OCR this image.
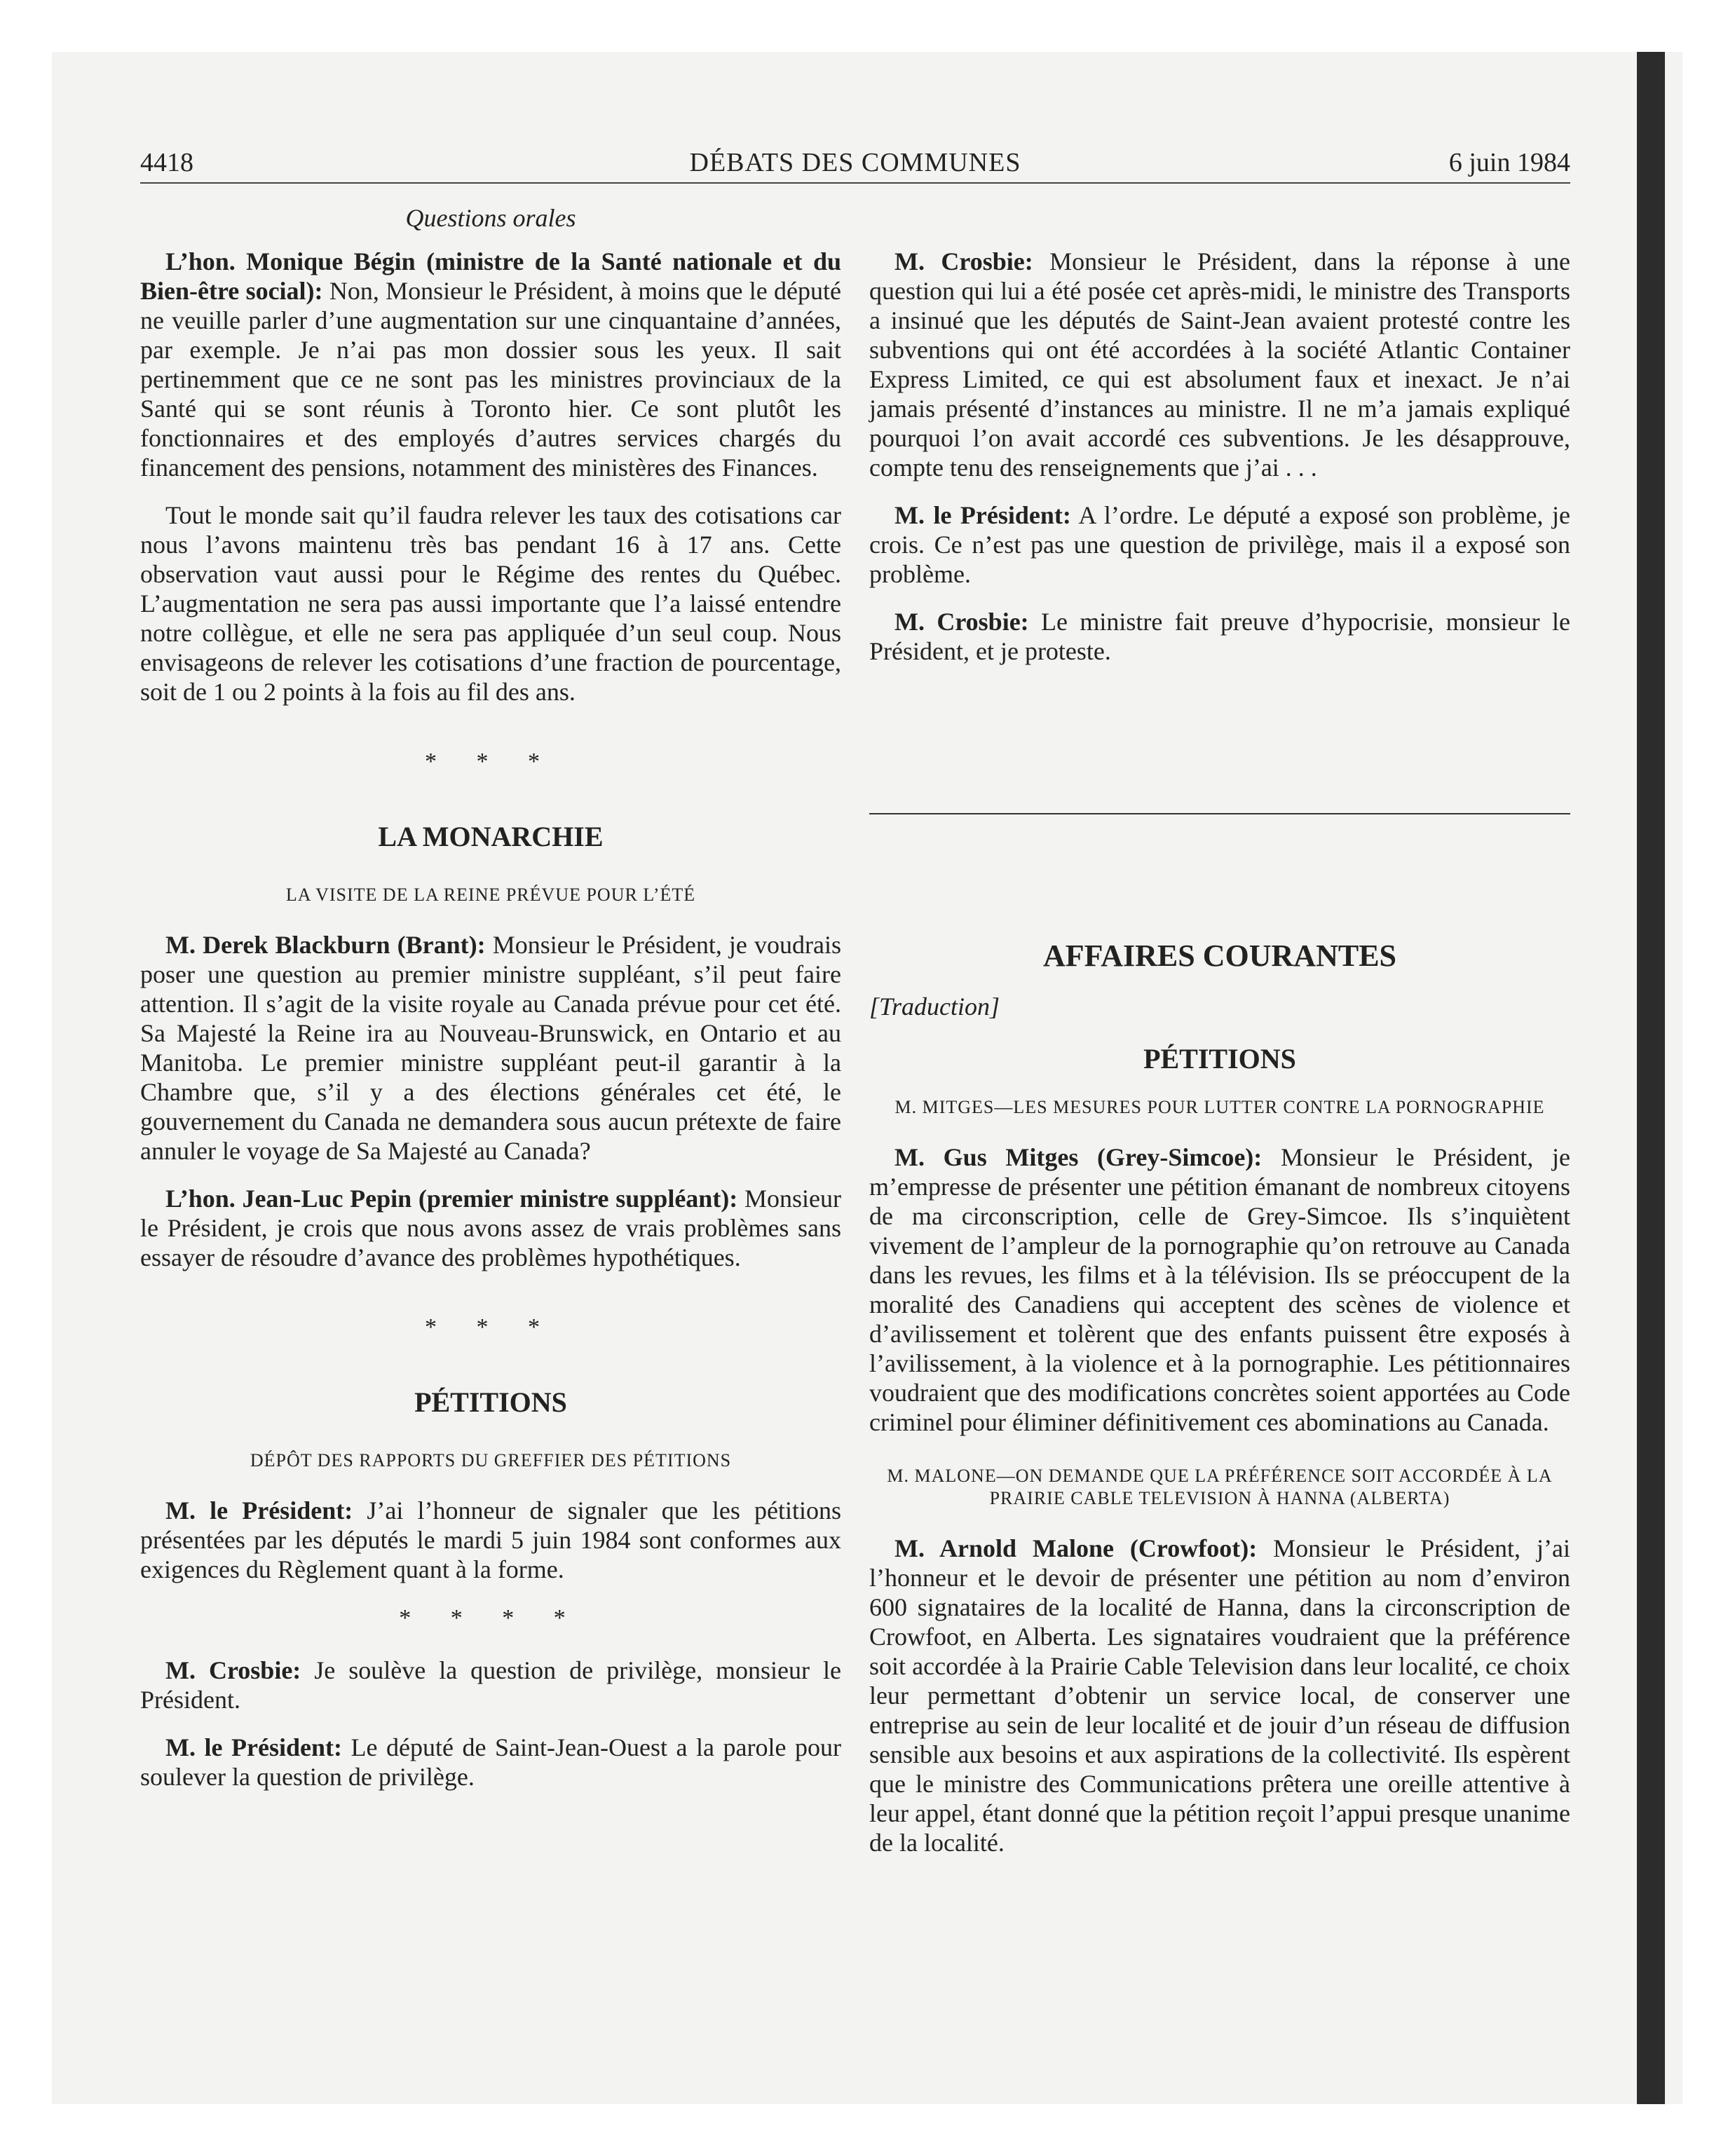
4418	DÉBATS DES COMMUNES	6 juin 1984
Questions orales

L’hon. Monique Bégin (ministre de la Santé nationale et du Bien-être social): Non, Monsieur le Président, à moins que le député ne veuille parler d’une augmentation sur une cinquantaine d’années, par exemple. Je n’ai pas mon dossier sous les yeux. Il sait pertinemment que ce ne sont pas les ministres provinciaux de la Santé qui se sont réunis à Toronto hier. Ce sont plutôt les fonctionnaires et des employés d’autres services chargés du financement des pensions, notamment des ministères des Finances.

Tout le monde sait qu’il faudra relever les taux des cotisations car nous l’avons maintenu très bas pendant 16 à 17 ans. Cette observation vaut aussi pour le Régime des rentes du Québec. L’augmentation ne sera pas aussi importante que l’a laissé entendre notre collègue, et elle ne sera pas appliquée d’un seul coup. Nous envisageons de relever les cotisations d’une fraction de pourcentage, soit de 1 ou 2 points à la fois au fil des ans.

* * *
LA MONARCHIE
LA VISITE DE LA REINE PRÉVUE POUR L’ÉTÉ

M. Derek Blackburn (Brant): Monsieur le Président, je voudrais poser une question au premier ministre suppléant, s’il peut faire attention. Il s’agit de la visite royale au Canada prévue pour cet été. Sa Majesté la Reine ira au Nouveau-Brunswick, en Ontario et au Manitoba. Le premier ministre suppléant peut-il garantir à la Chambre que, s’il y a des élections générales cet été, le gouvernement du Canada ne demandera sous aucun prétexte de faire annuler le voyage de Sa Majesté au Canada?

L’hon. Jean-Luc Pepin (premier ministre suppléant): Monsieur le Président, je crois que nous avons assez de vrais problèmes sans essayer de résoudre d’avance des problèmes hypothétiques.

* * *
PÉTITIONS
DÉPÔT DES RAPPORTS DU GREFFIER DES PÉTITIONS

M. le Président: J’ai l’honneur de signaler que les pétitions présentées par les députés le mardi 5 juin 1984 sont conformes aux exigences du Règlement quant à la forme.

* * * *

M. Crosbie: Je soulève la question de privilège, monsieur le Président.

M. le Président: Le député de Saint-Jean-Ouest a la parole pour soulever la question de privilège.

M. Crosbie: Monsieur le Président, dans la réponse à une question qui lui a été posée cet après-midi, le ministre des Transports a insinué que les députés de Saint-Jean avaient protesté contre les subventions qui ont été accordées à la société Atlantic Container Express Limited, ce qui est absolument faux et inexact. Je n’ai jamais présenté d’instances au ministre. Il ne m’a jamais expliqué pourquoi l’on avait accordé ces subventions. Je les désapprouve, compte tenu des renseignements que j’ai . . .

M. le Président: A l’ordre. Le député a exposé son problème, je crois. Ce n’est pas une question de privilège, mais il a exposé son problème.

M. Crosbie: Le ministre fait preuve d’hypocrisie, monsieur le Président, et je proteste.

AFFAIRES COURANTES
[Traduction]
PÉTITIONS
M. MITGES—LES MESURES POUR LUTTER CONTRE LA PORNOGRAPHIE

M. Gus Mitges (Grey-Simcoe): Monsieur le Président, je m’empresse de présenter une pétition émanant de nombreux citoyens de ma circonscription, celle de Grey-Simcoe. Ils s’inquiètent vivement de l’ampleur de la pornographie qu’on retrouve au Canada dans les revues, les films et à la télévision. Ils se préoccupent de la moralité des Canadiens qui acceptent des scènes de violence et d’avilissement et tolèrent que des enfants puissent être exposés à l’avilissement, à la violence et à la pornographie. Les pétitionnaires voudraient que des modifications concrètes soient apportées au Code criminel pour éliminer définitivement ces abominations au Canada.

M. MALONE—ON DEMANDE QUE LA PRÉFÉRENCE SOIT ACCORDÉE À LA PRAIRIE CABLE TELEVISION À HANNA (ALBERTA)

M. Arnold Malone (Crowfoot): Monsieur le Président, j’ai l’honneur et le devoir de présenter une pétition au nom d’environ 600 signataires de la localité de Hanna, dans la circonscription de Crowfoot, en Alberta. Les signataires voudraient que la préférence soit accordée à la Prairie Cable Television dans leur localité, ce choix leur permettant d’obtenir un service local, de conserver une entreprise au sein de leur localité et de jouir d’un réseau de diffusion sensible aux besoins et aux aspirations de la collectivité. Ils espèrent que le ministre des Communications prêtera une oreille attentive à leur appel, étant donné que la pétition reçoit l’appui presque unanime de la localité.
